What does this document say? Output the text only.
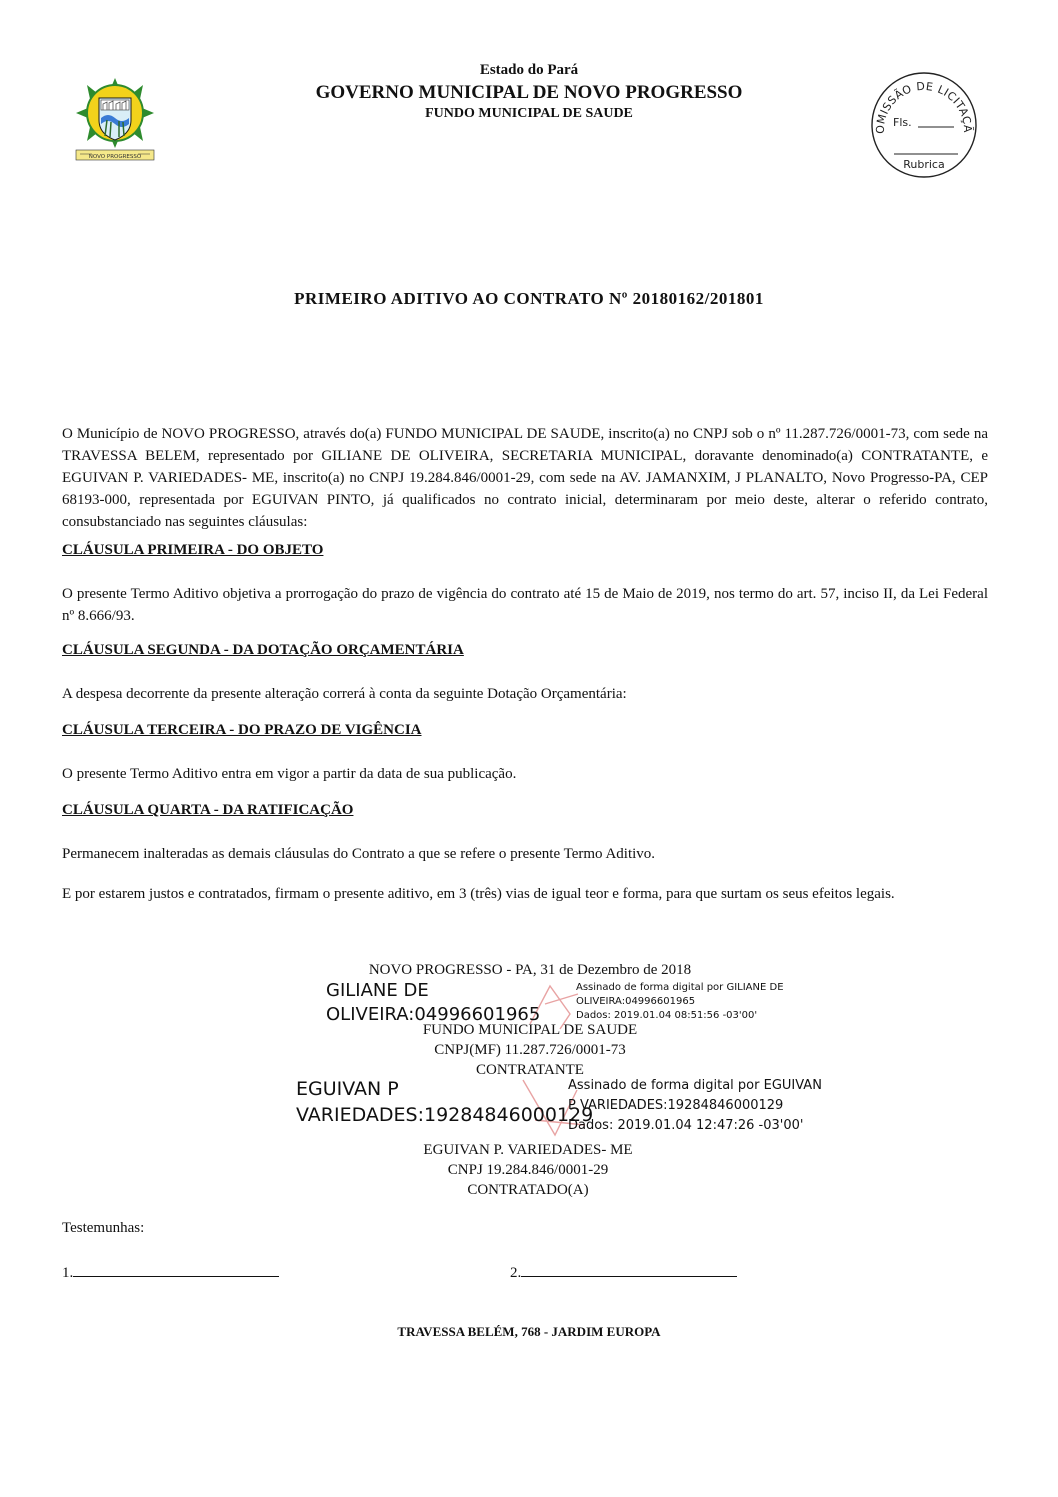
NOVO PROGRESSO
Estado do Pará
GOVERNO MUNICIPAL DE NOVO PROGRESSO
FUNDO MUNICIPAL DE SAUDE
OMISSÃO DE LICITAÇÃ
Fls.
Rubrica
PRIMEIRO ADITIVO AO CONTRATO Nº 20180162/201801
O Município de NOVO PROGRESSO, através do(a) FUNDO MUNICIPAL DE SAUDE, inscrito(a) no CNPJ sob o nº 11.287.726/0001-73, com sede na TRAVESSA BELEM, representado por GILIANE DE OLIVEIRA, SECRETARIA MUNICIPAL, doravante denominado(a) CONTRATANTE, e EGUIVAN P. VARIEDADES- ME, inscrito(a) no CNPJ 19.284.846/0001-29, com sede na AV. JAMANXIM, J PLANALTO, Novo Progresso-PA, CEP 68193-000, representada por EGUIVAN PINTO, já qualificados no contrato inicial, determinaram por meio deste, alterar o referido contrato, consubstanciado nas seguintes cláusulas:
CLÁUSULA PRIMEIRA - DO OBJETO
O presente Termo Aditivo objetiva a prorrogação do prazo de vigência do contrato até 15 de Maio de 2019, nos termo do art. 57, inciso II, da Lei Federal nº 8.666/93.
CLÁUSULA SEGUNDA - DA DOTAÇÃO ORÇAMENTÁRIA
A despesa decorrente da presente alteração correrá à conta da seguinte Dotação Orçamentária:
CLÁUSULA TERCEIRA - DO PRAZO DE VIGÊNCIA
O presente Termo Aditivo entra em vigor a partir da data de sua publicação.
CLÁUSULA QUARTA - DA RATIFICAÇÃO
Permanecem inalteradas as demais cláusulas do Contrato a que se refere o presente Termo Aditivo.
E por estarem justos e contratados, firmam o presente aditivo, em 3 (três) vias de igual teor e forma, para que surtam os seus efeitos legais.
NOVO PROGRESSO - PA, 31 de Dezembro de 2018
GILIANE DE
OLIVEIRA:04996601965
Assinado de forma digital por GILIANE DE
OLIVEIRA:04996601965
Dados: 2019.01.04 08:51:56 -03'00'
FUNDO MUNICIPAL DE SAUDE
CNPJ(MF) 11.287.726/0001-73
CONTRATANTE
EGUIVAN P
VARIEDADES:19284846000129
Assinado de forma digital por EGUIVAN
P VARIEDADES:19284846000129
Dados: 2019.01.04 12:47:26 -03'00'
EGUIVAN P. VARIEDADES- ME
CNPJ 19.284.846/0001-29
CONTRATADO(A)
Testemunhas:
1.	2.
TRAVESSA BELÉM, 768 - JARDIM EUROPA
